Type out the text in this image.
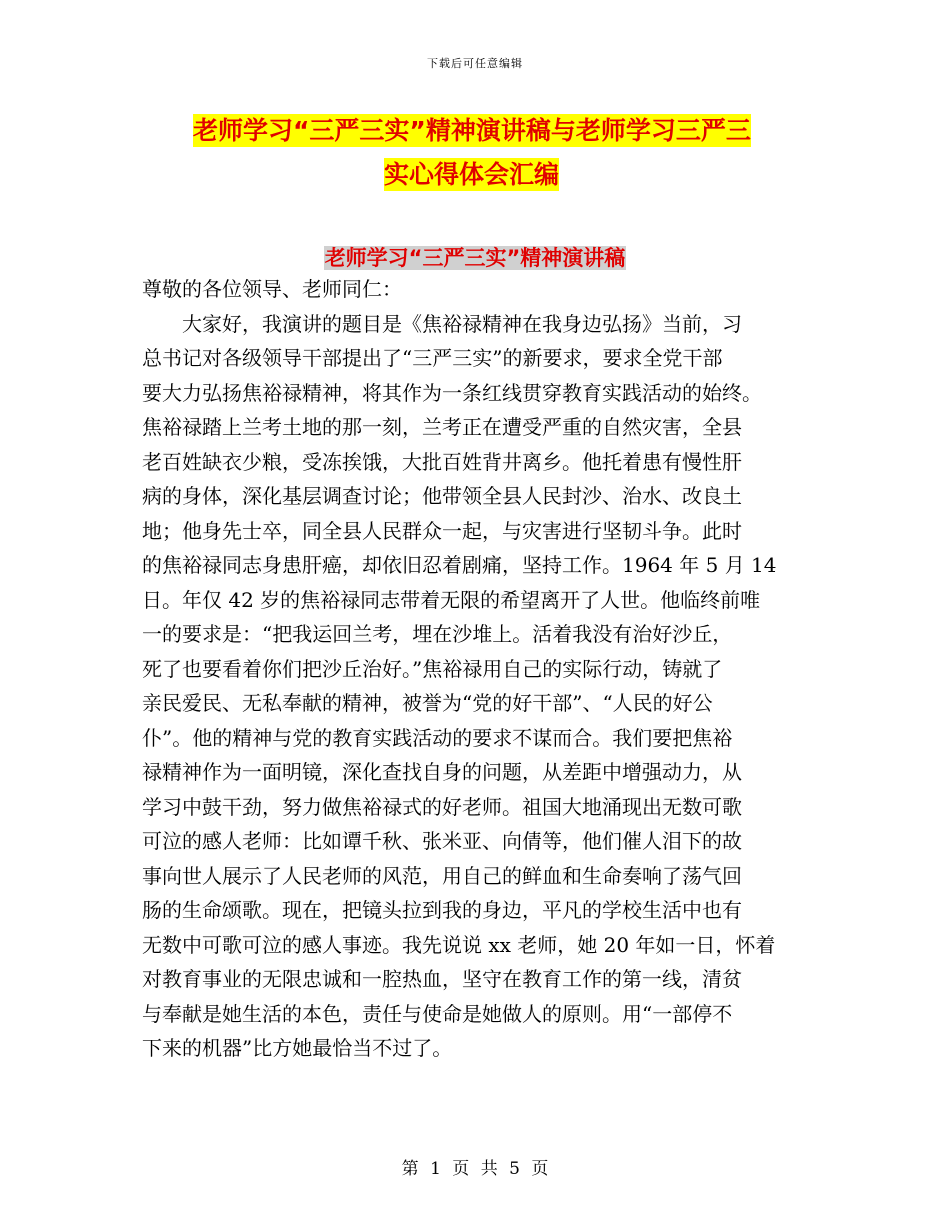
下载后可任意编辑
老师学习“三严三实”精神演讲稿与老师学习三严三
实心得体会汇编
老师学习“三严三实”精神演讲稿
尊敬的各位领导、老师同仁：
　　大家好，我演讲的题目是《焦裕禄精神在我身边弘扬》当前，习
总书记对各级领导干部提出了“三严三实”的新要求，要求全党干部
要大力弘扬焦裕禄精神，将其作为一条红线贯穿教育实践活动的始终。
焦裕禄踏上兰考土地的那一刻，兰考正在遭受严重的自然灾害，全县
老百姓缺衣少粮，受冻挨饿，大批百姓背井离乡。他托着患有慢性肝
病的身体，深化基层调查讨论；他带领全县人民封沙、治水、改良土
地；他身先士卒，同全县人民群众一起，与灾害进行坚韧斗争。此时
的焦裕禄同志身患肝癌，却依旧忍着剧痛，坚持工作。1964 年 5 月 14
日。年仅 42 岁的焦裕禄同志带着无限的希望离开了人世。他临终前唯
一的要求是：“把我运回兰考，埋在沙堆上。活着我没有治好沙丘，
死了也要看着你们把沙丘治好。”焦裕禄用自己的实际行动，铸就了
亲民爱民、无私奉献的精神，被誉为“党的好干部”、“人民的好公
仆”。他的精神与党的教育实践活动的要求不谋而合。我们要把焦裕
禄精神作为一面明镜，深化查找自身的问题，从差距中增强动力，从
学习中鼓干劲，努力做焦裕禄式的好老师。祖国大地涌现出无数可歌
可泣的感人老师：比如谭千秋、张米亚、向倩等，他们催人泪下的故
事向世人展示了人民老师的风范，用自己的鲜血和生命奏响了荡气回
肠的生命颂歌。现在，把镜头拉到我的身边，平凡的学校生活中也有
无数中可歌可泣的感人事迹。我先说说 xx 老师，她 20 年如一日，怀着
对教育事业的无限忠诚和一腔热血，坚守在教育工作的第一线，清贫
与奉献是她生活的本色，责任与使命是她做人的原则。用“一部停不
下来的机器”比方她最恰当不过了。
第 1 页 共 5 页
